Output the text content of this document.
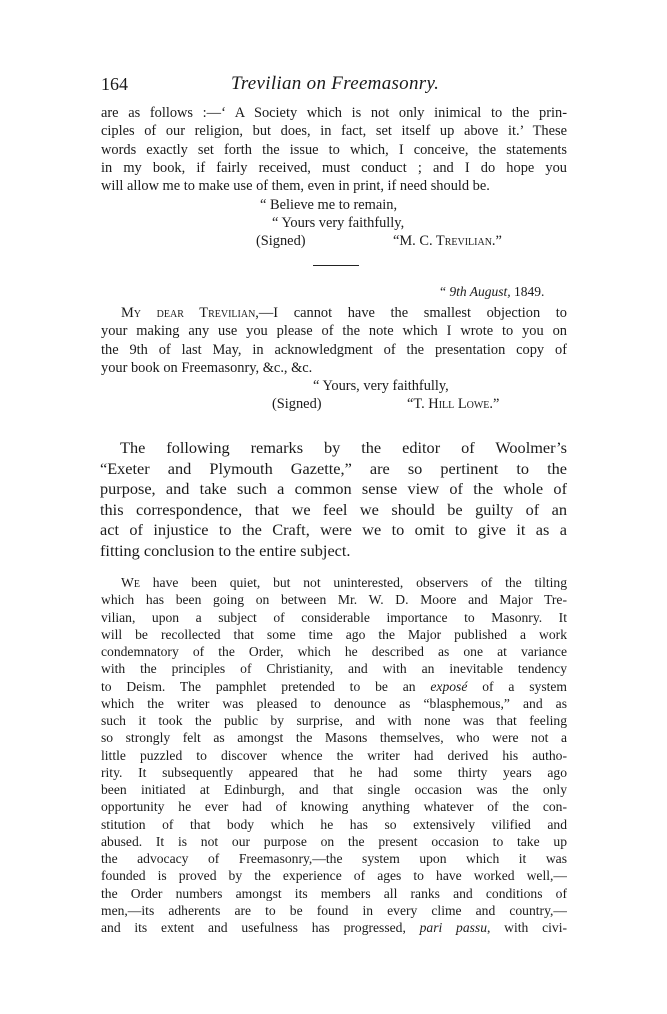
164	Trevilian on Freemasonry.
are as follows :—‘ A Society which is not only inimical to the prin-
ciples of our religion, but does, in fact, set itself up above it.’ These
words exactly set forth the issue to which, I conceive, the statements
in my book, if fairly received, must conduct ; and I do hope you
will allow me to make use of them, even in print, if need should be.
“ Believe me to remain,
“ Yours very faithfully,
(Signed)	“M. C. Trevilian.”
“ 9th August, 1849.
My dear Trevilian,—I cannot have the smallest objection to
your making any use you please of the note which I wrote to you on
the 9th of last May, in acknowledgment of the presentation copy of
your book on Freemasonry, &c., &c.
“ Yours, very faithfully,
(Signed)	“T. Hill Lowe.”
The following remarks by the editor of Woolmer’s
“Exeter and Plymouth Gazette,” are so pertinent to the
purpose, and take such a common sense view of the whole of
this correspondence, that we feel we should be guilty of an
act of injustice to the Craft, were we to omit to give it as a
fitting conclusion to the entire subject.
We have been quiet, but not uninterested, observers of the tilting
which has been going on between Mr. W. D. Moore and Major Tre-
vilian, upon a subject of considerable importance to Masonry. It
will be recollected that some time ago the Major published a work
condemnatory of the Order, which he described as one at variance
with the principles of Christianity, and with an inevitable tendency
to Deism. The pamphlet pretended to be an exposé of a system
which the writer was pleased to denounce as “blasphemous,” and as
such it took the public by surprise, and with none was that feeling
so strongly felt as amongst the Masons themselves, who were not a
little puzzled to discover whence the writer had derived his autho-
rity. It subsequently appeared that he had some thirty years ago
been initiated at Edinburgh, and that single occasion was the only
opportunity he ever had of knowing anything whatever of the con-
stitution of that body which he has so extensively vilified and
abused. It is not our purpose on the present occasion to take up
the advocacy of Freemasonry,—the system upon which it was
founded is proved by the experience of ages to have worked well,—
the Order numbers amongst its members all ranks and conditions of
men,—its adherents are to be found in every clime and country,—
and its extent and usefulness has progressed, pari passu, with civi-
